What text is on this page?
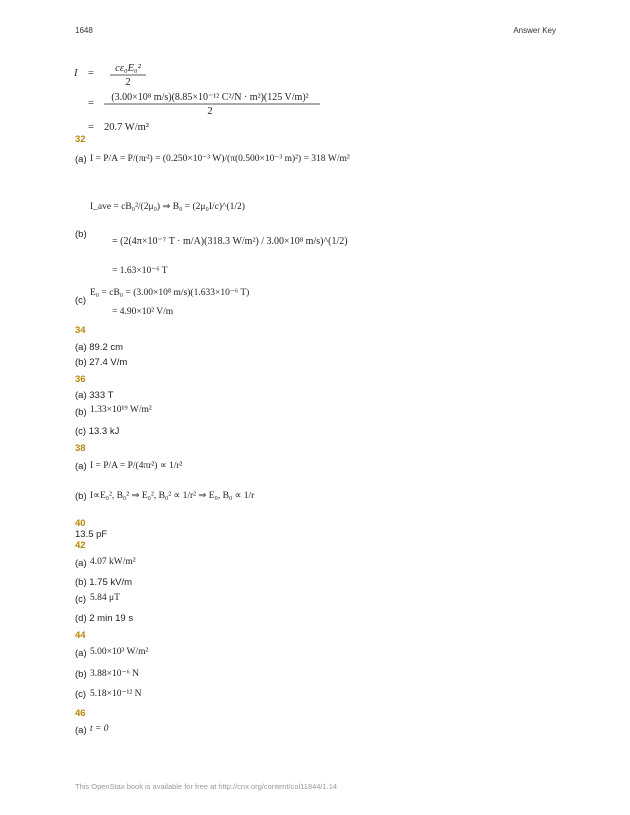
1648	Answer Key
I = cε₀E₀²
2
=
(3.00×10⁸ m/s)(8.85×10⁻¹² C²/N · m²)(125 V/m)²
2
= 20.7 W/m²
32
(a) I = P/A = P/(πr²) = (0.250×10⁻³ W)/(π(0.500×10⁻³ m)²) = 318 W/m²
I_ave = cB₀²/(2μ₀) ⇒ B₀ = (2μ₀I/c)^(1/2)
(b)
= (2(4π×10⁻⁷ T · m/A)(318.3 W/m²) / 3.00×10⁸ m/s)^(1/2)
= 1.63×10⁻⁶ T
(c)
E₀ = cB₀ = (3.00×10⁸ m/s)(1.633×10⁻⁶ T)
= 4.90×10² V/m
34
(a) 89.2 cm
(b) 27.4 V/m
36
(a) 333 T
(b) 1.33×10¹⁹ W/m²
(c) 13.3 kJ
38
(a) I = P/A = P/(4πr²) ∝ 1/r²
(b) I∝E₀², B₀² ⇒ E₀², B₀² ∝ 1/r² ⇒ E₀, B₀ ∝ 1/r
40
13.5 pF
42
(a) 4.07 kW/m²
(b) 1.75 kV/m
(c) 5.84 μT
(d) 2 min 19 s
44
(a) 5.00×10³ W/m²
(b) 3.88×10⁻⁶ N
(c) 5.18×10⁻¹² N
46
(a) t = 0
This OpenStax book is available for free at http://cnx.org/content/col11844/1.14
